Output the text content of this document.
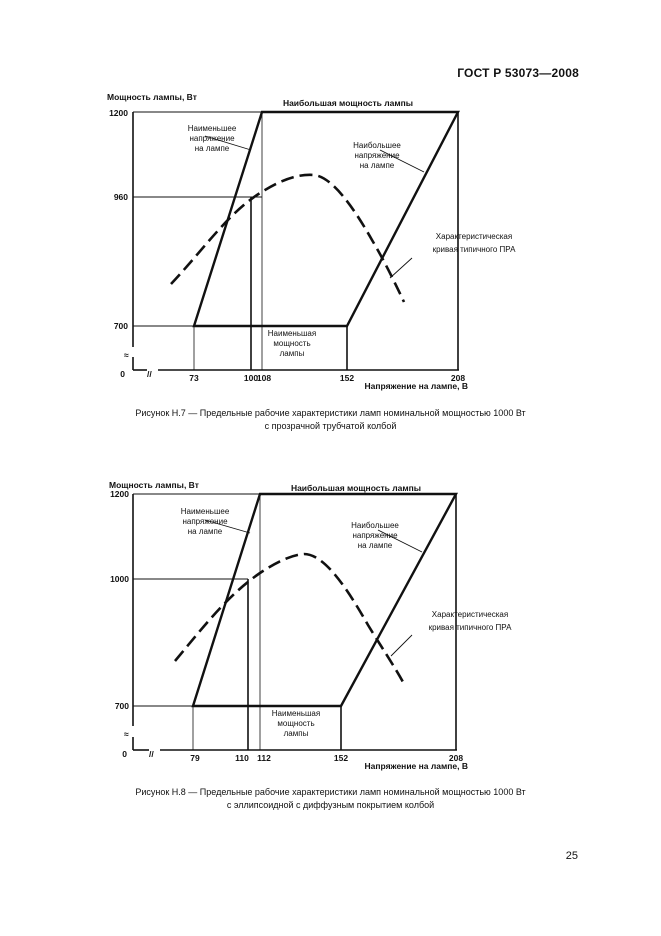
ГОСТ Р 53073—2008
≈
//
Мощность лампы, Вт
Напряжение на лампе, В
1200
960
700
0	73	100
108	152	208
Наибольшая мощность лампы
Наименьшее напряжение на лампе	Наибольшее напряжение на лампе
Характеристическая кривая типичного ПРА
Наименьшая мощность лампы
Рисунок Н.7 — Предельные рабочие характеристики ламп номинальной мощностью 1000 Вт
с прозрачной трубчатой колбой
≈
//
Мощность лампы, Вт
Напряжение на лампе, В
1200
1000
700
0	79	110 112	152	208
Наибольшая мощность лампы
Наименьшее напряжение на лампе
Наибольшее напряжение на лампе
Характеристическая кривая типичного ПРА
Наименьшая мощность лампы
Рисунок Н.8 — Предельные рабочие характеристики ламп номинальной мощностью 1000 Вт
с эллипсоидной с диффузным покрытием колбой
25
